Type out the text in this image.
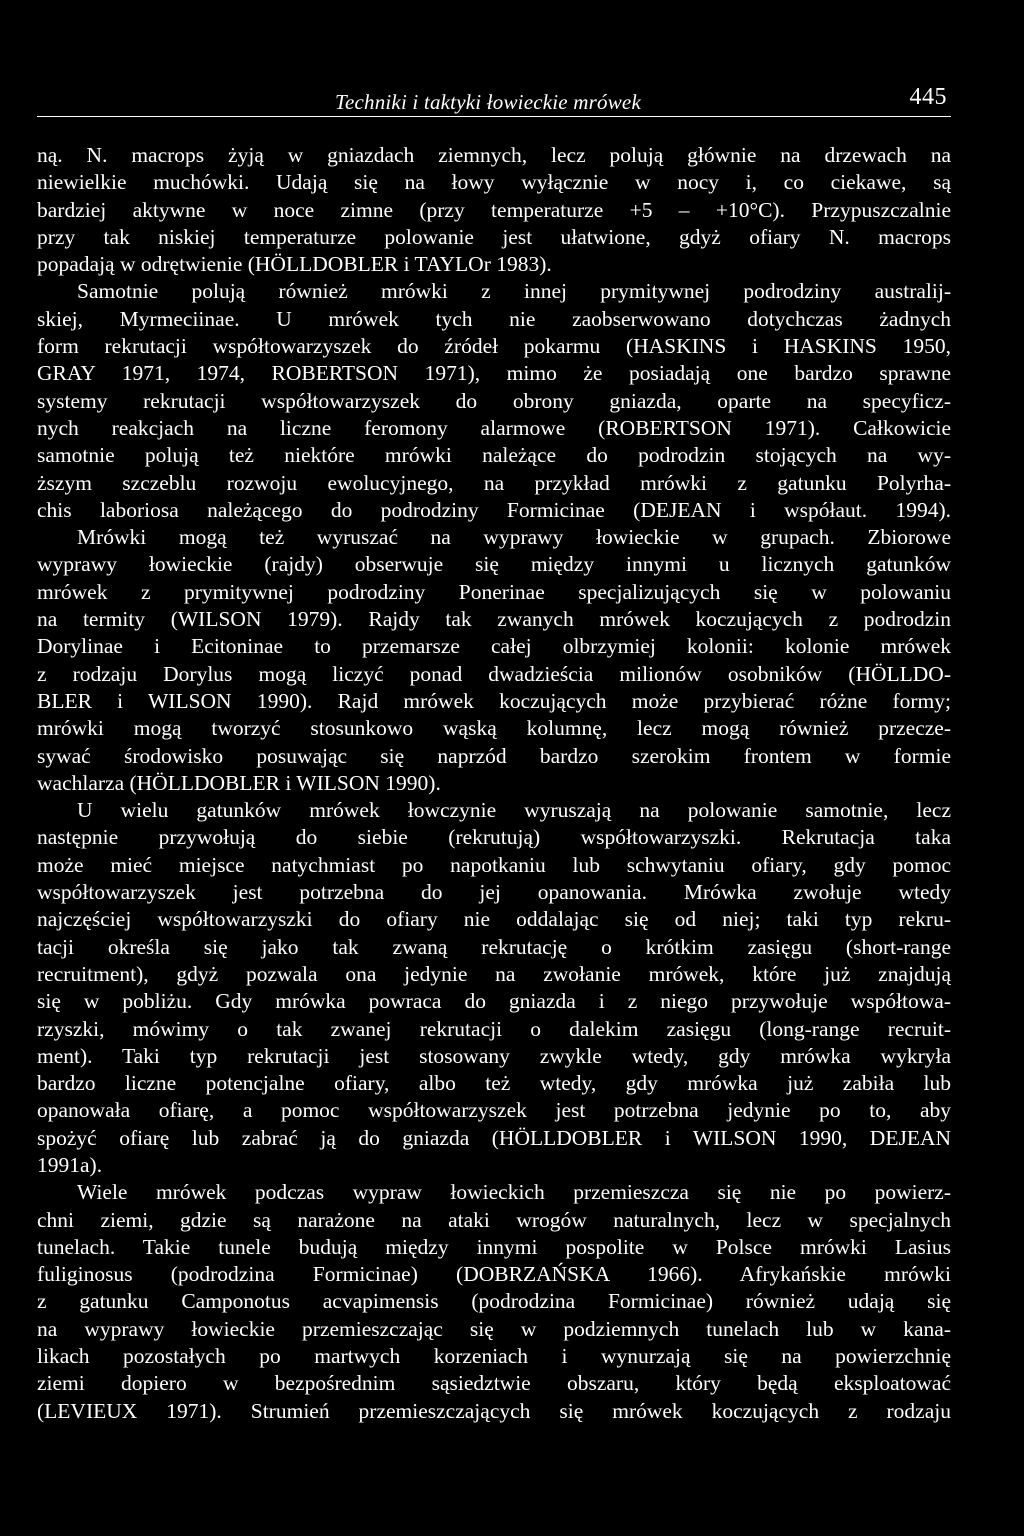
Techniki i taktyki łowieckie mrówek	445
ną. N. macrops żyją w gniazdach ziemnych, lecz polują głównie na drzewach na
niewielkie muchówki. Udają się na łowy wyłącznie w nocy i, co ciekawe, są
bardziej aktywne w noce zimne (przy temperaturze +5 – +10°C). Przypuszczalnie
przy tak niskiej temperaturze polowanie jest ułatwione, gdyż ofiary N. macrops
popadają w odrętwienie (HÖLLDOBLER i TAYLOr 1983).
Samotnie polują również mrówki z innej prymitywnej podrodziny australij-
skiej, Myrmeciinae. U mrówek tych nie zaobserwowano dotychczas żadnych
form rekrutacji współtowarzyszek do źródeł pokarmu (HASKINS i HASKINS 1950,
GRAY 1971, 1974, ROBERTSON 1971), mimo że posiadają one bardzo sprawne
systemy rekrutacji współtowarzyszek do obrony gniazda, oparte na specyficz-
nych reakcjach na liczne feromony alarmowe (ROBERTSON 1971). Całkowicie
samotnie polują też niektóre mrówki należące do podrodzin stojących na wy-
ższym szczeblu rozwoju ewolucyjnego, na przykład mrówki z gatunku Polyrha-
chis laboriosa należącego do podrodziny Formicinae (DEJEAN i współaut. 1994).
Mrówki mogą też wyruszać na wyprawy łowieckie w grupach. Zbiorowe
wyprawy łowieckie (rajdy) obserwuje się między innymi u licznych gatunków
mrówek z prymitywnej podrodziny Ponerinae specjalizujących się w polowaniu
na termity (WILSON 1979). Rajdy tak zwanych mrówek koczujących z podrodzin
Dorylinae i Ecitoninae to przemarsze całej olbrzymiej kolonii: kolonie mrówek
z rodzaju Dorylus mogą liczyć ponad dwadzieścia milionów osobników (HÖLLDO-
BLER i WILSON 1990). Rajd mrówek koczujących może przybierać różne formy;
mrówki mogą tworzyć stosunkowo wąską kolumnę, lecz mogą również przecze-
sywać środowisko posuwając się naprzód bardzo szerokim frontem w formie
wachlarza (HÖLLDOBLER i WILSON 1990).
U wielu gatunków mrówek łowczynie wyruszają na polowanie samotnie, lecz
następnie przywołują do siebie (rekrutują) współtowarzyszki. Rekrutacja taka
może mieć miejsce natychmiast po napotkaniu lub schwytaniu ofiary, gdy pomoc
współtowarzyszek jest potrzebna do jej opanowania. Mrówka zwołuje wtedy
najczęściej współtowarzyszki do ofiary nie oddalając się od niej; taki typ rekru-
tacji określa się jako tak zwaną rekrutację o krótkim zasięgu (short-range
recruitment), gdyż pozwala ona jedynie na zwołanie mrówek, które już znajdują
się w pobliżu. Gdy mrówka powraca do gniazda i z niego przywołuje współtowa-
rzyszki, mówimy o tak zwanej rekrutacji o dalekim zasięgu (long-range recruit-
ment). Taki typ rekrutacji jest stosowany zwykle wtedy, gdy mrówka wykryła
bardzo liczne potencjalne ofiary, albo też wtedy, gdy mrówka już zabiła lub
opanowała ofiarę, a pomoc współtowarzyszek jest potrzebna jedynie po to, aby
spożyć ofiarę lub zabrać ją do gniazda (HÖLLDOBLER i WILSON 1990, DEJEAN
1991a).
Wiele mrówek podczas wypraw łowieckich przemieszcza się nie po powierz-
chni ziemi, gdzie są narażone na ataki wrogów naturalnych, lecz w specjalnych
tunelach. Takie tunele budują między innymi pospolite w Polsce mrówki Lasius
fuliginosus (podrodzina Formicinae) (DOBRZAŃSKA 1966). Afrykańskie mrówki
z gatunku Camponotus acvapimensis (podrodzina Formicinae) również udają się
na wyprawy łowieckie przemieszczając się w podziemnych tunelach lub w kana-
likach pozostałych po martwych korzeniach i wynurzają się na powierzchnię
ziemi dopiero w bezpośrednim sąsiedztwie obszaru, który będą eksploatować
(LEVIEUX 1971). Strumień przemieszczających się mrówek koczujących z rodzaju
